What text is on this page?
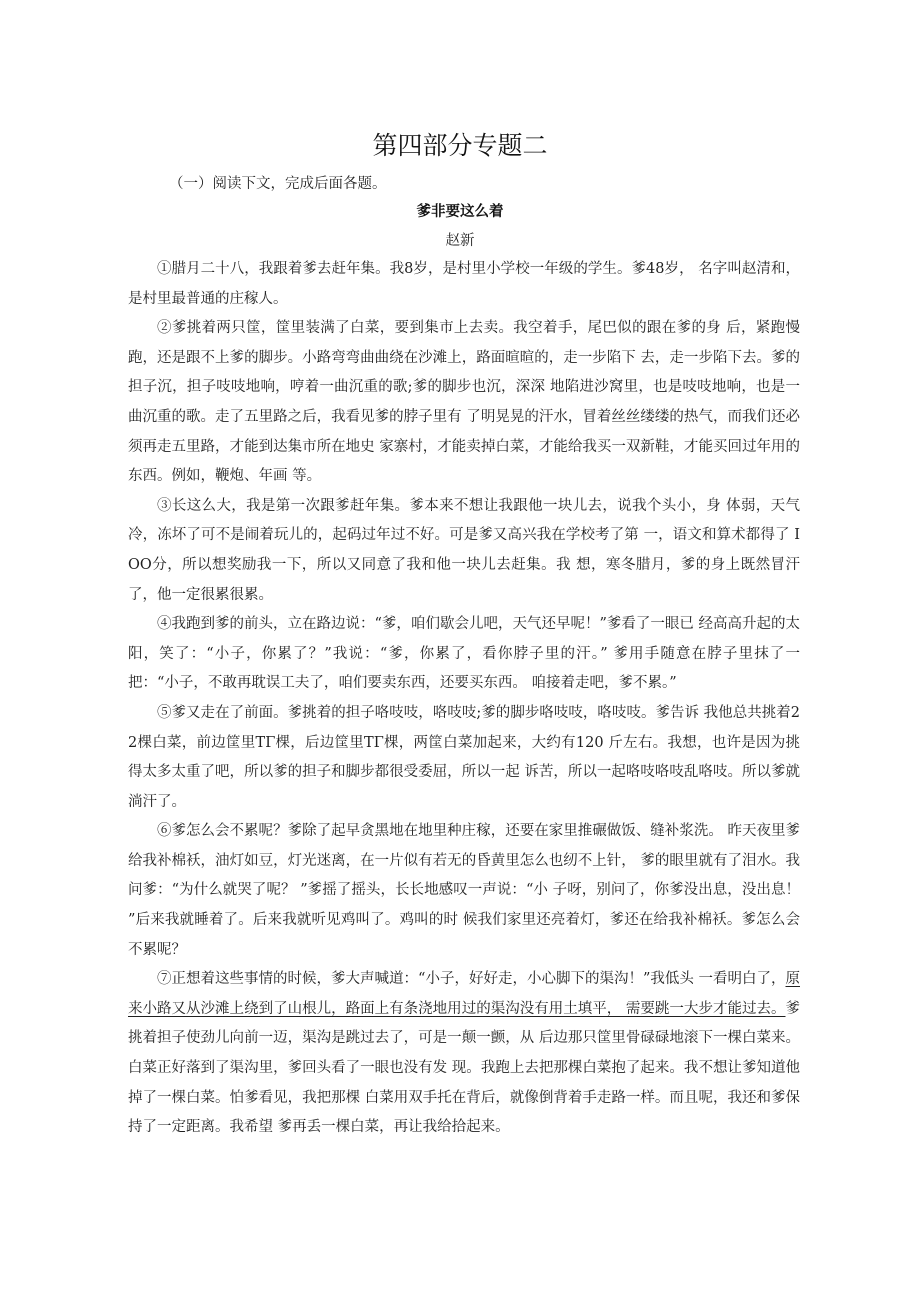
第四部分专题二
（一）阅读下文，完成后面各题。
爹非要这么着
赵新

①腊月二十八，我跟着爹去赶年集。我8岁，是村里小学校一年级的学生。爹48岁， 名字叫赵清和，是村里最普通的庄稼人。

②爹挑着两只筐，筐里装满了白菜，要到集市上去卖。我空着手，尾巴似的跟在爹的身 后，紧跑慢跑，还是跟不上爹的脚步。小路弯弯曲曲绕在沙滩上，路面暄暄的，走一步陷下 去，走一步陷下去。爹的担子沉，担子吱吱地响，哼着一曲沉重的歌;爹的脚步也沉，深深 地陷进沙窝里，也是吱吱地响，也是一曲沉重的歌。走了五里路之后，我看见爹的脖子里有 了明晃晃的汗水，冒着丝丝缕缕的热气，而我们还必须再走五里路，才能到达集市所在地史 家寨村，才能卖掉白菜，才能给我买一双新鞋，才能买回过年用的东西。例如，鞭炮、年画 等。

③长这么大，我是第一次跟爹赶年集。爹本来不想让我跟他一块儿去，说我个头小，身 体弱，天气冷，冻坏了可不是闹着玩儿的，起码过年过不好。可是爹又高兴我在学校考了第 一，语文和算术都得了 IOO分，所以想奖励我一下，所以又同意了我和他一块儿去赶集。我 想，寒冬腊月，爹的身上既然冒汗了，他一定很累很累。

④我跑到爹的前头，立在路边说：“爹，咱们歇会儿吧，天气还早呢！”爹看了一眼已 经高高升起的太阳，笑了：“小子，你累了？”我说：“爹，你累了，看你脖子里的汗。” 爹用手随意在脖子里抹了一把：“小子，不敢再耽误工夫了，咱们要卖东西，还要买东西。 咱接着走吧，爹不累。”

⑤爹又走在了前面。爹挑着的担子咯吱吱，咯吱吱;爹的脚步咯吱吱，咯吱吱。爹告诉 我他总共挑着22棵白菜，前边筐里ΤΓ棵，后边筐里ΤΓ棵，两筐白菜加起来，大约有120 斤左右。我想，也许是因为挑得太多太重了吧，所以爹的担子和脚步都很受委屈，所以一起 诉苦，所以一起咯吱咯吱乱咯吱。所以爹就淌汗了。

⑥爹怎么会不累呢？爹除了起早贪黑地在地里种庄稼，还要在家里推碾做饭、缝补浆洗。 昨天夜里爹给我补棉袄，油灯如豆，灯光迷离，在一片似有若无的昏黄里怎么也纫不上针， 爹的眼里就有了泪水。我问爹：“为什么就哭了呢？ ”爹摇了摇头，长长地感叹一声说：“小 子呀，别问了，你爹没出息，没出息！ ”后来我就睡着了。后来我就听见鸡叫了。鸡叫的时 候我们家里还亮着灯，爹还在给我补棉袄。爹怎么会不累呢？

⑦正想着这些事情的时候，爹大声喊道：“小子，好好走，小心脚下的渠沟！”我低头 一看明白了，原来小路又从沙滩上绕到了山根儿，路面上有条浇地用过的渠沟没有用土填平， 需要跳一大步才能过去。爹挑着担子使劲儿向前一迈，渠沟是跳过去了，可是一颠一颤，从 后边那只筐里骨碌碌地滚下一棵白菜来。白菜正好落到了渠沟里，爹回头看了一眼也没有发 现。我跑上去把那棵白菜抱了起来。我不想让爹知道他掉了一棵白菜。怕爹看见，我把那棵 白菜用双手托在背后，就像倒背着手走路一样。而且呢，我还和爹保持了一定距离。我希望 爹再丢一棵白菜，再让我给拾起来。
